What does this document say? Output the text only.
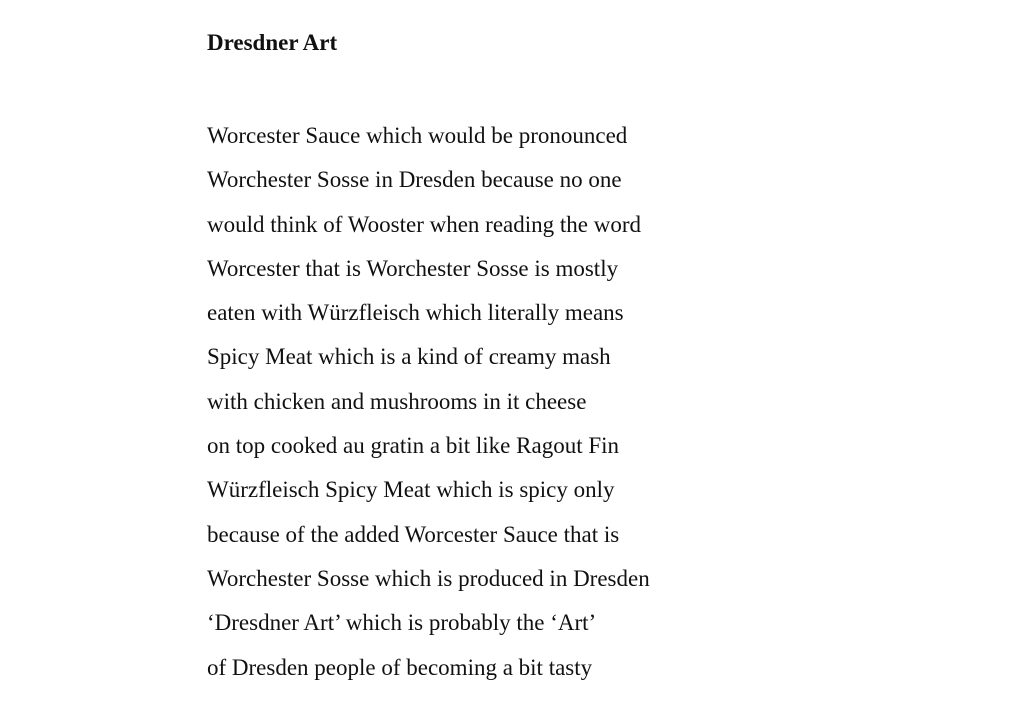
Dresdner Art
Worcester Sauce which would be pronounced
Worchester Sosse in Dresden because no one
would think of Wooster when reading the word
Worcester that is Worchester Sosse is mostly
eaten with Würzfleisch which literally means
Spicy Meat which is a kind of creamy mash
with chicken and mushrooms in it cheese
on top cooked au gratin a bit like Ragout Fin
Würzfleisch Spicy Meat which is spicy only
because of the added Worcester Sauce that is
Worchester Sosse which is produced in Dresden
‘Dresdner Art’ which is probably the ‘Art’
of Dresden people of becoming a bit tasty
